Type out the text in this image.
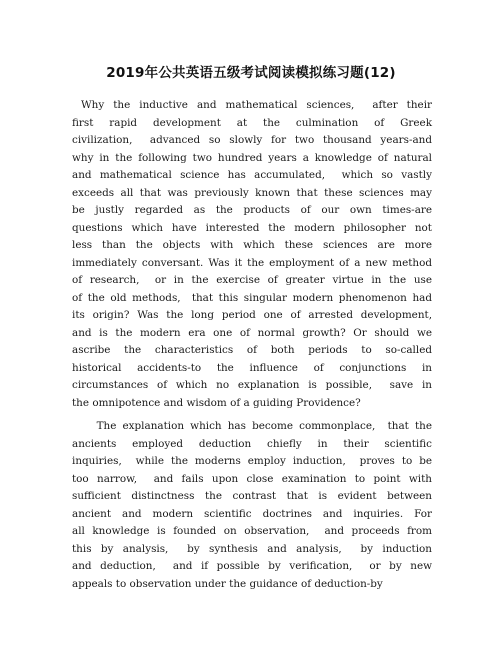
2019年公共英语五级考试阅读模拟练习题(12)
Why the inductive and mathematical sciences,  after their
first rapid development at the culmination of Greek
civilization,  advanced so slowly for two thousand years-and
why in the following two hundred years a knowledge of natural
and mathematical science has accumulated,  which so vastly
exceeds all that was previously known that these sciences may
be justly regarded as the products of our own times-are
questions which have interested the modern philosopher not
less than the objects with which these sciences are more
immediately conversant. Was it the employment of a new method
of research,  or in the exercise of greater virtue in the use
of the old methods,  that this singular modern phenomenon had
its origin? Was the long period one of arrested development,
and is the modern era one of normal growth? Or should we
ascribe the characteristics of both periods to so-called
historical accidents-to the influence of conjunctions in
circumstances of which no explanation is possible,  save in
the omnipotence and wisdom of a guiding Providence?
The explanation which has become commonplace,  that the
ancients employed deduction chiefly in their scientific
inquiries,  while the moderns employ induction,  proves to be
too narrow,  and fails upon close examination to point with
sufficient distinctness the contrast that is evident between
ancient and modern scientific doctrines and inquiries. For
all knowledge is founded on observation,  and proceeds from
this by analysis,  by synthesis and analysis,  by induction
and deduction,  and if possible by verification,  or by new
appeals to observation under the guidance of deduction-by
